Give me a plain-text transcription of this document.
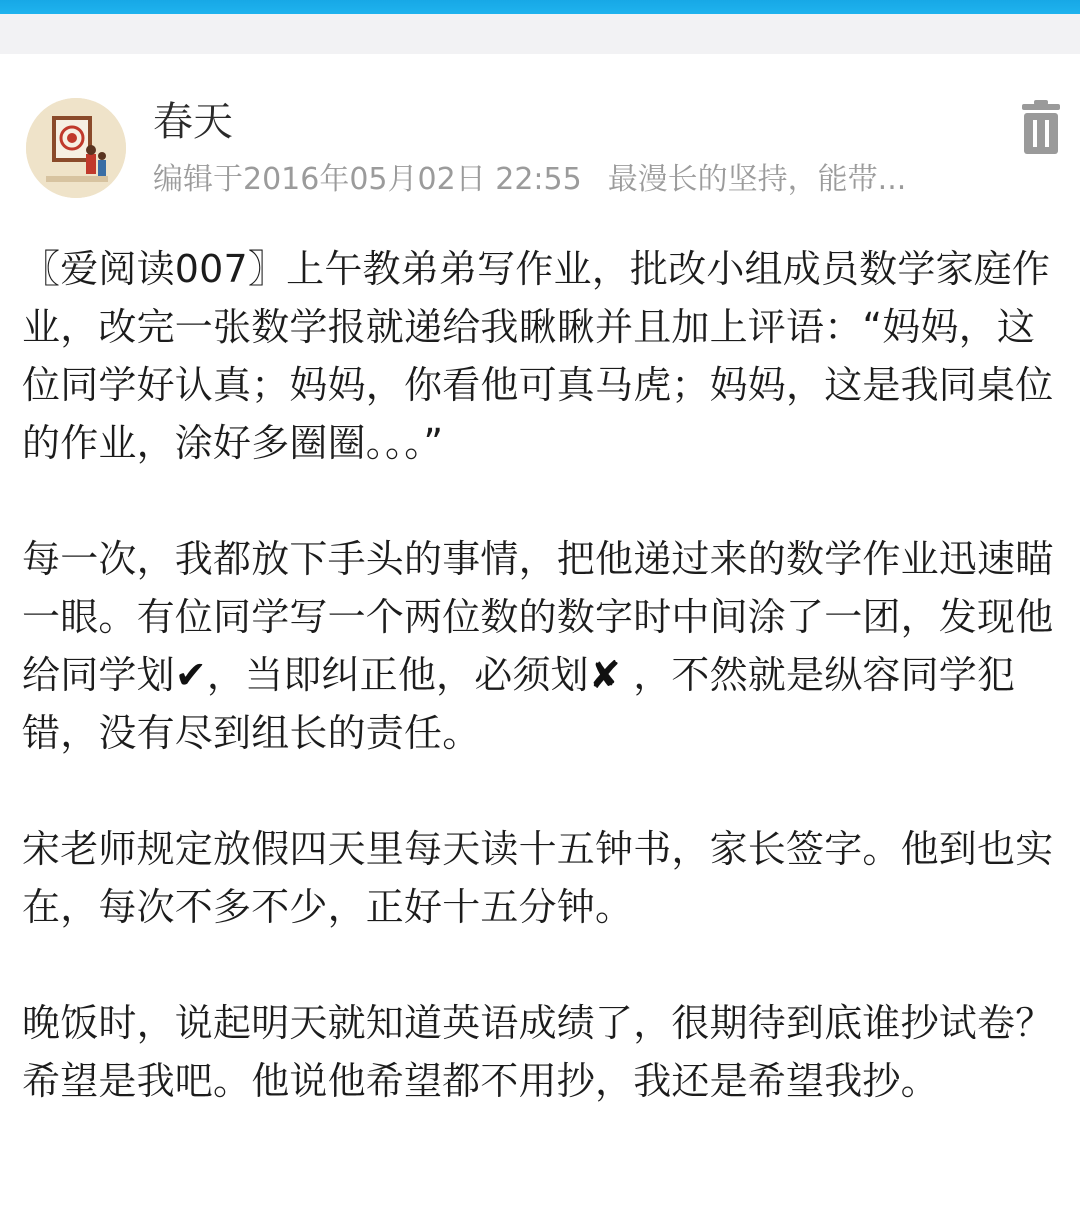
春天
编辑于2016年05月02日 22:55 最漫长的坚持，能带...

〖爱阅读007〗上午教弟弟写作业，批改小组成员数学家庭作业，改完一张数学报就递给我瞅瞅并且加上评语：“妈妈，这位同学好认真；妈妈，你看他可真马虎；妈妈，这是我同桌位的作业，涂好多圈圈。。。”

每一次，我都放下手头的事情，把他递过来的数学作业迅速瞄一眼。有位同学写一个两位数的数字时中间涂了一团，发现他给同学划✔，当即纠正他，必须划✘ ，不然就是纵容同学犯错，没有尽到组长的责任。

宋老师规定放假四天里每天读十五钟书，家长签字。他到也实在，每次不多不少，正好十五分钟。

晚饭时，说起明天就知道英语成绩了，很期待到底谁抄试卷？希望是我吧。他说他希望都不用抄，我还是希望我抄。
